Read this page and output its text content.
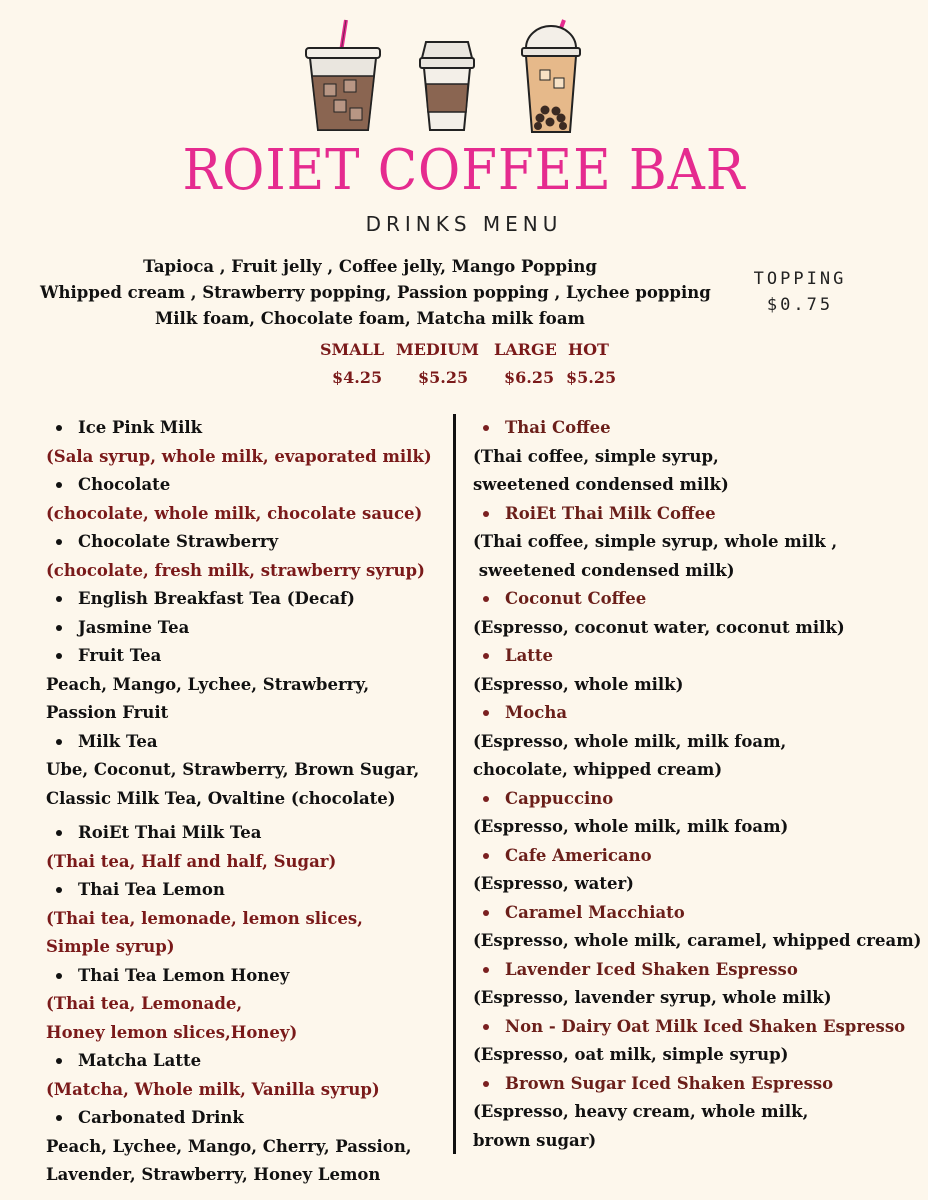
ROIET COFFEE BAR
DRINKS MENU
Tapioca , Fruit jelly , Coffee jelly, Mango Popping
Whipped cream , Strawberry popping, Passion popping , Lychee popping
Milk foam, Chocolate foam, Matcha milk foam
TOPPING
$0.75
SMALL MEDIUM LARGE HOT
$4.25 $5.25 $6.25 $5.25
Ice Pink Milk
(Sala syrup, whole milk, evaporated milk)
Chocolate
(chocolate, whole milk, chocolate sauce)
Chocolate Strawberry
(chocolate, fresh milk, strawberry syrup)
English Breakfast Tea (Decaf)
Jasmine Tea
Fruit Tea
Peach, Mango, Lychee, Strawberry,
Passion Fruit
Milk Tea
Ube, Coconut, Strawberry, Brown Sugar,
Classic Milk Tea, Ovaltine (chocolate)
RoiEt Thai Milk Tea
(Thai tea, Half and half, Sugar)
Thai Tea Lemon
(Thai tea, lemonade, lemon slices,
Simple syrup)
Thai Tea Lemon Honey
(Thai tea, Lemonade,
Honey lemon slices,Honey)
Matcha Latte
(Matcha, Whole milk, Vanilla syrup)
Carbonated Drink
Peach, Lychee, Mango, Cherry, Passion,
Lavender, Strawberry, Honey Lemon
Thai Coffee
(Thai coffee, simple syrup,
sweetened condensed milk)
RoiEt Thai Milk Coffee
(Thai coffee, simple syrup, whole milk ,
sweetened condensed milk)
Coconut Coffee
(Espresso, coconut water, coconut milk)
Latte
(Espresso, whole milk)
Mocha
(Espresso, whole milk, milk foam,
chocolate, whipped cream)
Cappuccino
(Espresso, whole milk, milk foam)
Cafe Americano
(Espresso, water)
Caramel Macchiato
(Espresso, whole milk, caramel, whipped cream)
Lavender Iced Shaken Espresso
(Espresso, lavender syrup, whole milk)
Non - Dairy Oat Milk Iced Shaken Espresso
(Espresso, oat milk, simple syrup)
Brown Sugar Iced Shaken Espresso
(Espresso, heavy cream, whole milk,
brown sugar)
